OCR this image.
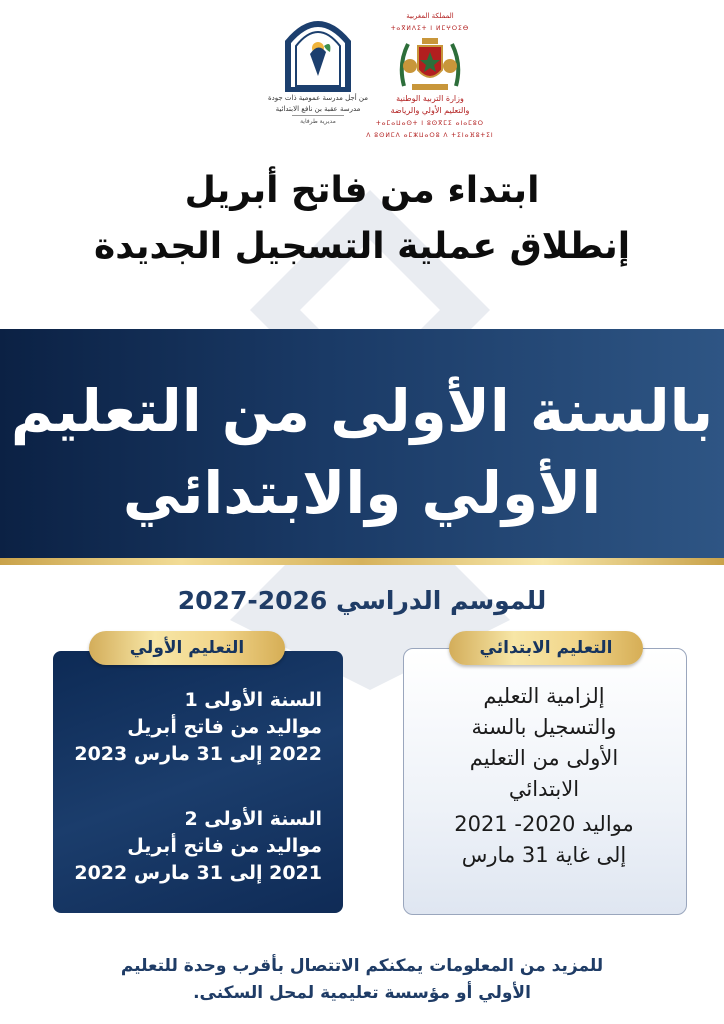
من أجل مدرسة عمومية ذات جودة
مدرسة عقبة بن نافع الابتدائية
مديرية طرفاية
المملكة المغربية
ⵜⴰⴳⵍⴷⵉⵜ ⵏ ⵍⵎⵖⵔⵉⴱ
وزارة التربية الوطنية
والتعليم الأولي والرياضة
ⵜⴰⵎⴰⵡⴰⵙⵜ ⵏ ⵓⵙⴳⵎⵉ ⴰⵏⴰⵎⵓⵔ
ⴷ ⵓⵙⵍⵎⴷ ⴰⵎⵣⵡⴰⵔⵓ ⴷ ⵜⵉⵏⴰⴼⵓⵜⵉⵏ
ابتداء من فاتح أبريل
إنطلاق عملية التسجيل الجديدة
بالسنة الأولى من التعليم
الأولي والابتدائي
للموسم الدراسي 2026-2027
التعليم الابتدائي
إلزامية التعليم
والتسجيل بالسنة
الأولى من التعليم
الابتدائي
مواليد 2020- 2021
إلى غاية 31 مارس
التعليم الأولي
السنة الأولى 1
مواليد من فاتح أبريل
2022 إلى 31 مارس 2023
السنة الأولى 2
مواليد من فاتح أبريل
2021 إلى 31 مارس 2022
للمزيد من المعلومات يمكنكم الاتتصال بأقرب وحدة للتعليم
الأولي أو مؤسسة تعليمية لمحل السكنى.
